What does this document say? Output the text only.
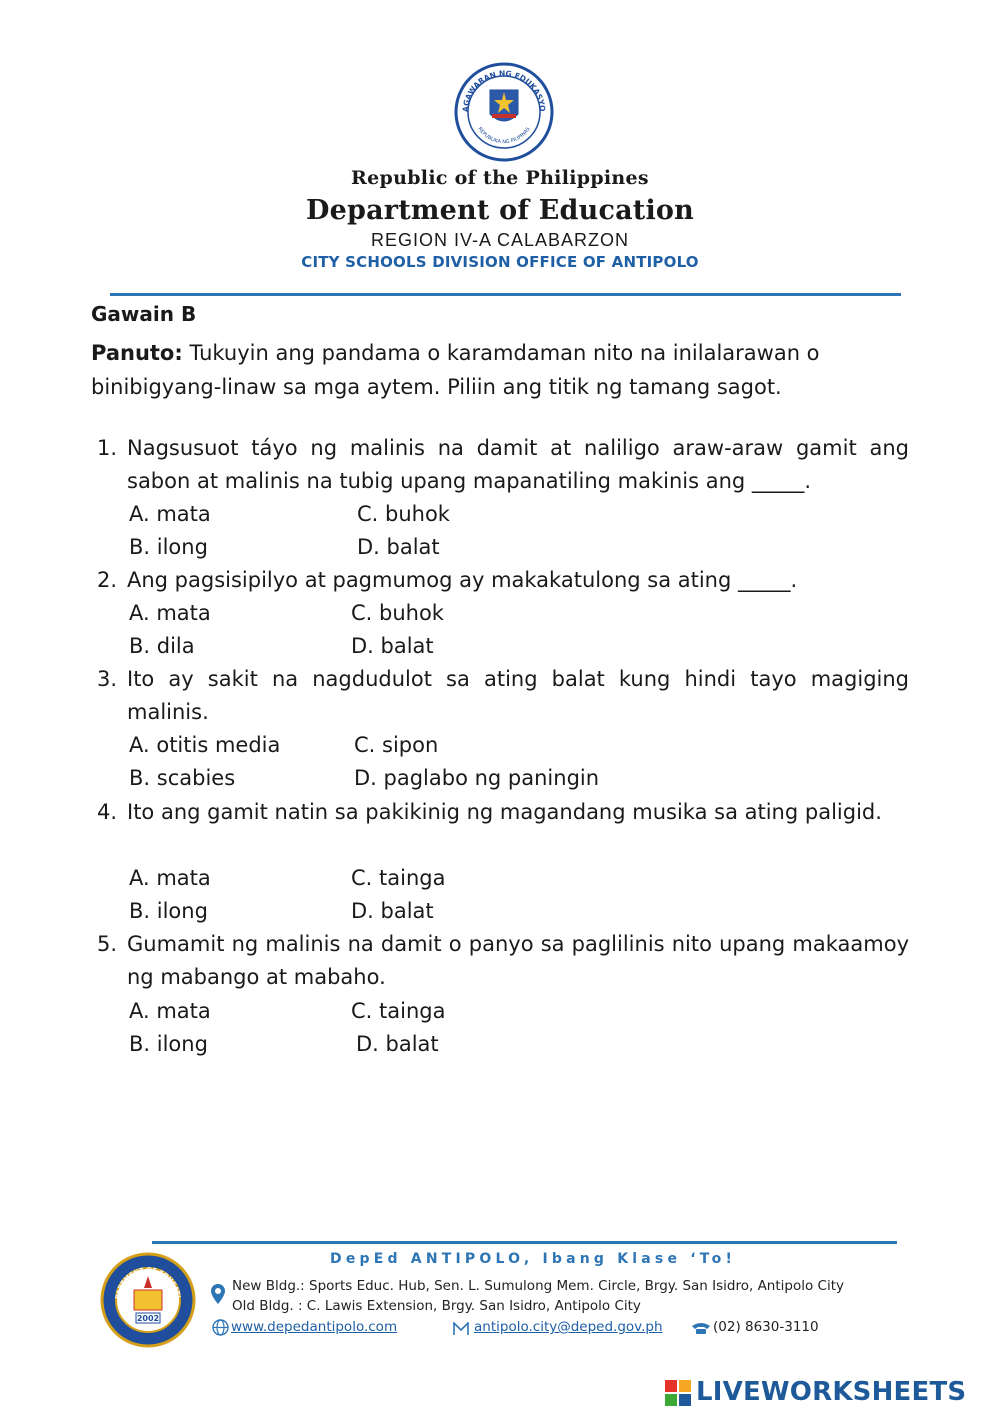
AGAWARAN NG EDUKASYO
REPUBLIKA NG PILIPINAS
Republic of the Philippines
Department of Education
REGION IV-A CALABARZON
CITY SCHOOLS DIVISION OFFICE OF ANTIPOLO
Gawain B
Panuto: Tukuyin ang pandama o karamdaman nito na inilalarawan o binibigyang-linaw sa mga aytem. Piliin ang titik ng tamang sagot.
1. Nagsusuot táyo ng malinis na damit at naliligo araw-araw gamit ang sabon at malinis na tubig upang mapanatiling makinis ang _____.
A. mata	C. buhok
B. ilong	D. balat
2. Ang pagsisipilyo at pagmumog ay makakatulong sa ating _____.
A. mata	C. buhok
B. dila	D. balat
3. Ito ay sakit na nagdudulot sa ating balat kung hindi tayo magiging malinis.
A. otitis media	C. sipon
B. scabies	D. paglabo ng paningin
4. Ito ang gamit natin sa pakikinig ng magandang musika sa ating paligid.
A. mata	C. tainga
B. ilong	D. balat
5. Gumamit ng malinis na damit o panyo sa paglilinis nito upang makaamoy ng mabango at mabaho.
A. mata	C. tainga
B. ilong	D. balat
DepEd ANTIPOLO, Ibang Klase ‘To!
PARTMENT OF EDUCATI
2002
New Bldg.: Sports Educ. Hub, Sen. L. Sumulong Mem. Circle, Brgy. San Isidro, Antipolo City
Old Bldg. : C. Lawis Extension, Brgy. San Isidro, Antipolo City
www.depedantipolo.com	antipolo.city@deped.gov.ph	(02) 8630-3110
LIVEWORKSHEETS
